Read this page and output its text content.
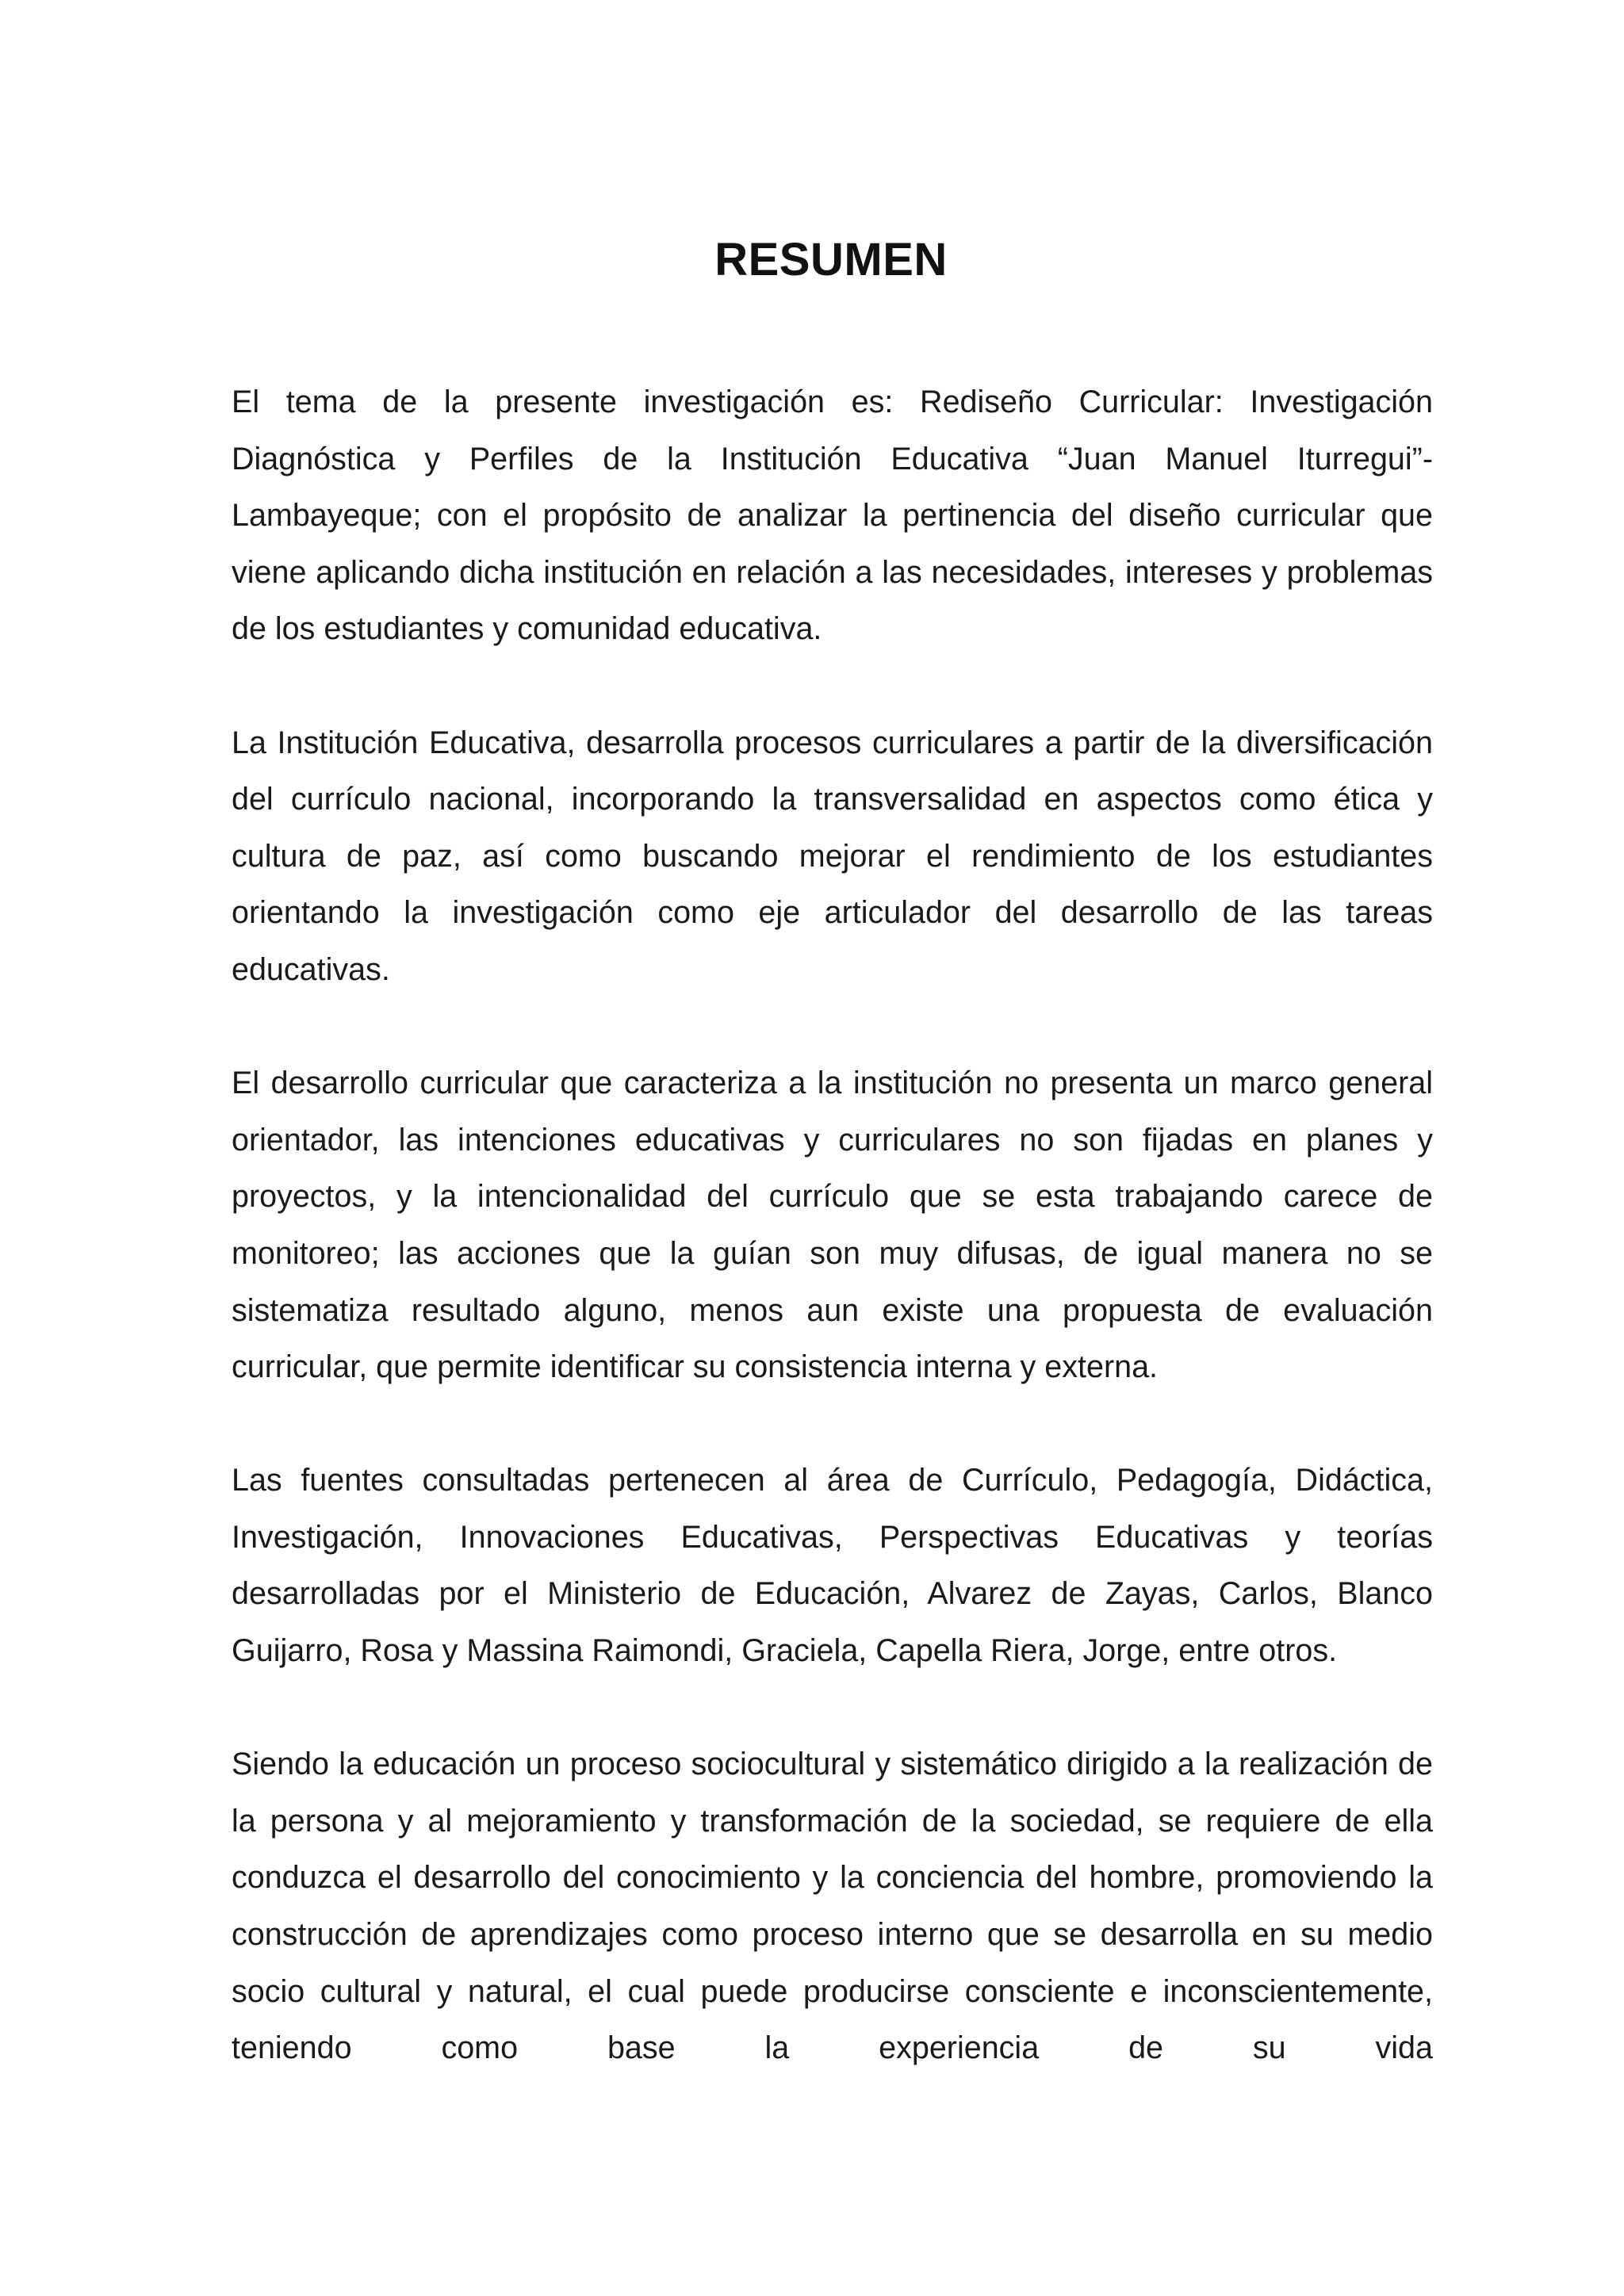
RESUMEN

El tema de la presente investigación es: Rediseño Curricular: Investigación Diagnóstica y Perfiles de la Institución Educativa “Juan Manuel Iturregui”-Lambayeque; con el propósito de analizar la pertinencia del diseño curricular que viene aplicando dicha institución en relación a las necesidades, intereses y problemas de los estudiantes y comunidad educativa.

La Institución Educativa, desarrolla procesos curriculares a partir de la diversificación del currículo nacional, incorporando la transversalidad en aspectos como ética y cultura de paz, así como buscando mejorar el rendimiento de los estudiantes orientando la investigación como eje articulador del desarrollo de las tareas educativas.

El desarrollo curricular que caracteriza a la institución no presenta un marco general orientador, las intenciones educativas y curriculares no son fijadas en planes y proyectos, y la intencionalidad del currículo que se esta trabajando carece de monitoreo; las acciones que la guían son muy difusas, de igual manera no se sistematiza resultado alguno, menos aun existe una propuesta de evaluación curricular, que permite identificar su consistencia interna y externa.

Las fuentes consultadas pertenecen al área de Currículo, Pedagogía, Didáctica, Investigación, Innovaciones Educativas, Perspectivas Educativas y teorías desarrolladas por el Ministerio de Educación, Alvarez de Zayas, Carlos, Blanco Guijarro, Rosa y Massina Raimondi, Graciela, Capella Riera, Jorge, entre otros.

Siendo la educación un proceso sociocultural y sistemático dirigido a la realización de la persona y al mejoramiento y transformación de la sociedad, se requiere de ella conduzca el desarrollo del conocimiento y la conciencia del hombre, promoviendo la construcción de aprendizajes como proceso interno que se desarrolla en su medio socio cultural y natural, el cual puede producirse consciente e inconscientemente, teniendo como base la experiencia de su vida
